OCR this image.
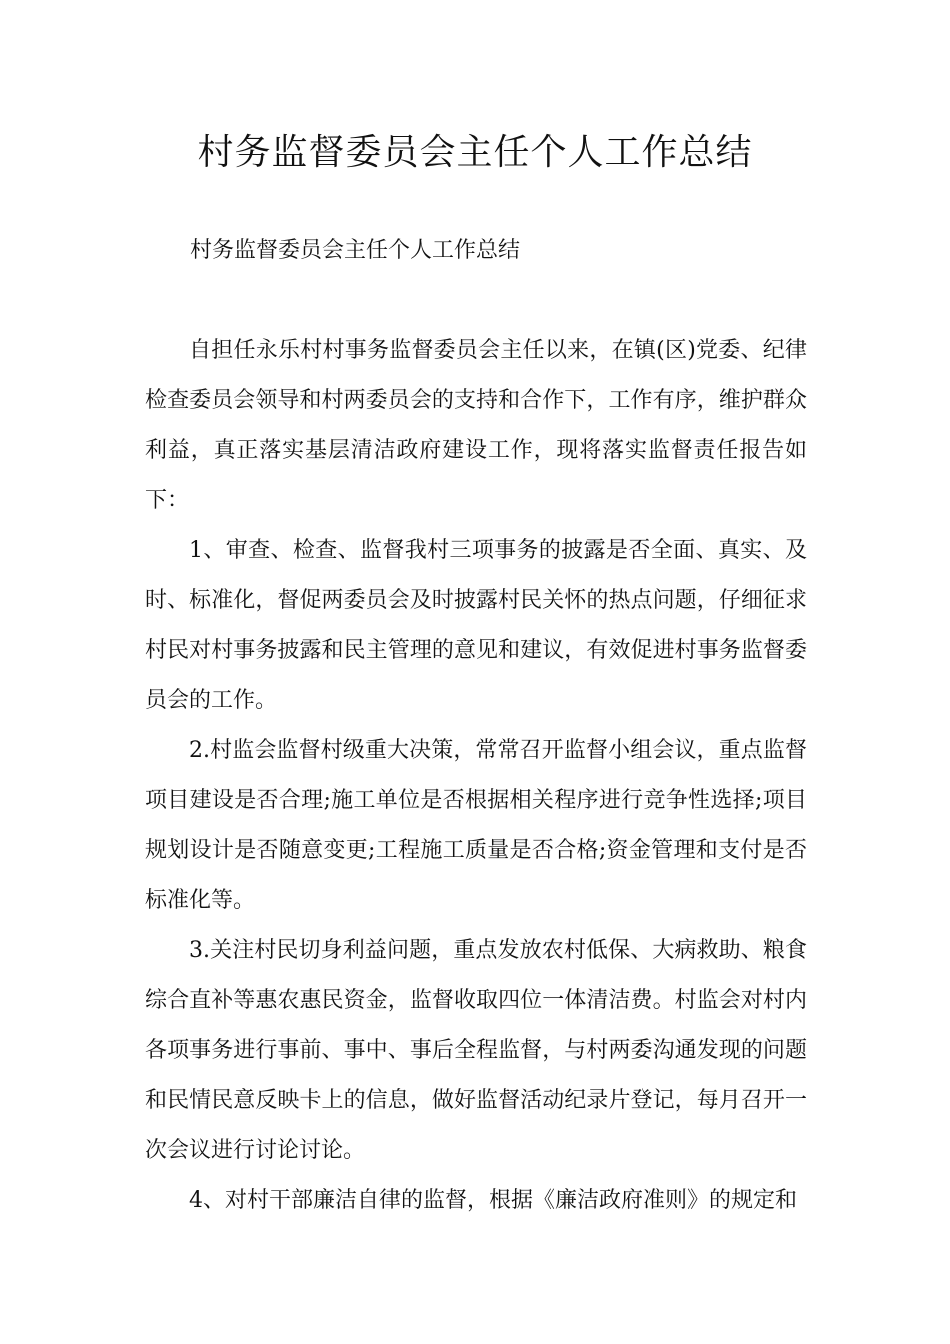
村务监督委员会主任个人工作总结

村务监督委员会主任个人工作总结

自担任永乐村村事务监督委员会主任以来，在镇(区)党委、纪律检查委员会领导和村两委员会的支持和合作下，工作有序，维护群众利益，真正落实基层清洁政府建设工作，现将落实监督责任报告如下：

1、审查、检查、监督我村三项事务的披露是否全面、真实、及时、标准化，督促两委员会及时披露村民关怀的热点问题，仔细征求村民对村事务披露和民主管理的意见和建议，有效促进村事务监督委员会的工作。

2.村监会监督村级重大决策，常常召开监督小组会议，重点监督项目建设是否合理;施工单位是否根据相关程序进行竞争性选择;项目规划设计是否随意变更;工程施工质量是否合格;资金管理和支付是否标准化等。

3.关注村民切身利益问题，重点发放农村低保、大病救助、粮食综合直补等惠农惠民资金，监督收取四位一体清洁费。村监会对村内各项事务进行事前、事中、事后全程监督，与村两委沟通发现的问题和民情民意反映卡上的信息，做好监督活动纪录片登记，每月召开一次会议进行讨论讨论。

4、对村干部廉洁自律的监督，根据《廉洁政府准则》的规定和
